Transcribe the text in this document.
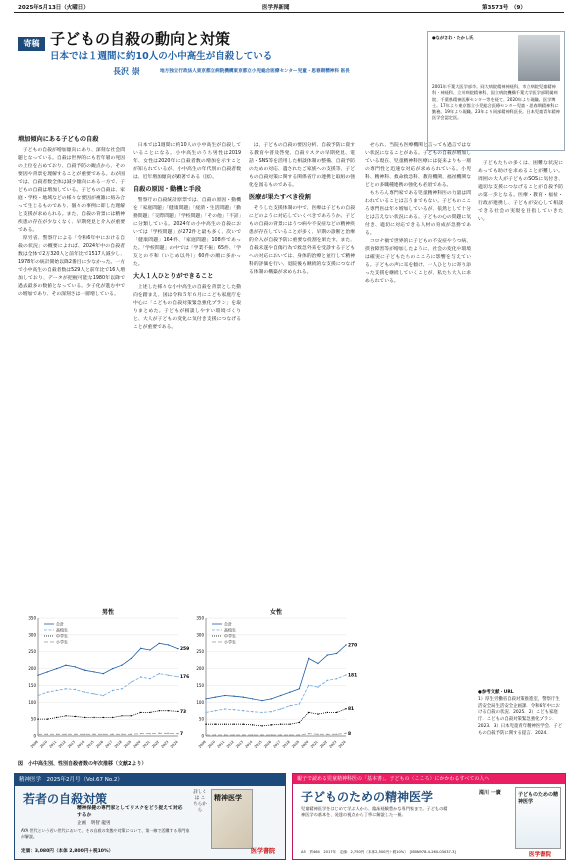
2025年5月13日（火曜日）	医学界新聞	第3573号　（9）
寄稿 子どもの自殺の動向と対策
日本では１週間に約10人の小中高生が自殺している
長沢 崇	地方独立行政法人東京都立病院機構東京都立小児総合医療センター児童・思春期精神科 医長
●ながさわ・たかし氏
2001年千葉大医学部卒。同大病院精神神経科、市立病院児童精神科・神経科、立川病院精神科、国立病院機構千葉大学医学部附属病院、千葉県精神医療センター等を経て、2020年より現職。医学博士。17年より東京都立小児総合医療センター児童・思春期精神科に勤務。19年より現職。23年より同部精神科医長。日本児童青年精神医学会認定医。
増加傾向にある子どもの自殺

子どもの自殺が増加傾向にあり、深刻な社会問題となっている。自殺は世界的にも若年層の死因の上位を占めており、自殺予防の観点から、その要因や背景を理解することが重要である。わが国では、自殺者数全体は減少傾向にある一方で、子どもの自殺は増加している。子どもの自殺は、家庭・学校・地域などの様々な要因が複雑に絡み合って生じるものであり、個々の事例に即した理解と支援が求められる。また、自殺の背景には精神疾患の存在が少なくなく、早期発見と介入が重要である。

厚労省、警察庁による「令和6年中における自殺の状況」の概要によれば、2024年中の自殺者数は全体で2万320人と前年比で1517人減少し、1978年の統計開始以降2番目に少なかった。一方で小中高生の自殺者数は529人と前年比で16人増加しており、データが把握可能な1980年以降で過去最多の数値となっている。少子化が進む中での増加であり、その深刻さは一層増している。

日本では1週間に約10人の小中高生が自殺していることになる。小中高生のうち男性は2019年、女性は2020年に自殺者数の増加を示すことが知られているが、小中高生の年代別の自殺者数は、近年増加傾向が顕著である（図）。

自殺の原因・動機と手段

警察庁の自殺統計原票では、自殺の原因・動機を「家庭問題」「健康問題」「経済・生活問題」「勤務問題」「交際問題」「学校問題」「その他」「不詳」に分類している。2024年の小中高生の自殺においては「学校問題」が272件と最も多く、次いで「健康問題」164件、「家庭問題」108件であった。「学校問題」の中では「学業不振」65件、「学友との不和（いじめ以外）」60件の順に多かった。

大人１人ひとりができること

上述した様々な小中高生の自殺を背景とした動向を踏まえ、国は令和５年６月にこども家庭庁を中心に「こどもの自殺対策緊急強化プラン」を取りまとめた。子どもが相談しやすい環境づくりと、大人が子どもの変化に気付き支援につなげることが重要である。

は、子どもの自殺の要因分析、自殺予防に資する教育や普及啓発、自殺リスクの早期発見、電話・SNS等を活用した相談体制の整備、自殺予防のための対応、遺されたご家族への支援等、子どもの自殺対策に関する関係省庁の連携と取組の強化を図るものである。

医療が果たすべき役割

そうした支援体制の中で、医療は子どもの自殺にどのように対応していくべきであろうか。子どもの自殺の背景にはうつ病や不安症などの精神疾患が存在していることが多く、早期の診断と治療的介入が自殺予防に重要な役割を果たす。また、自殺未遂や自傷行為で救急外来を受診する子どもへの対応においては、身体的治療と並行して精神科的評価を行い、退院後も継続的な支援につなげる体制の構築が求められる。

せられ、当院も医療機関と言っても過言ではない状況になることがある。子どもの自殺が増加している現在、児童精神科医療には従来よりも一層の専門性と迅速な対応が求められている。小児科、精神科、救命救急科、教育機関、福祉機関などとの多職種連携の強化も必須である。

もちろん専門家である児童精神科医の力量は問われていることは言うまでもない。子どものこころ専門医は年々増加しているが、依然として十分とは言えない状況にある。子どもの心の問題に気付き、適切に対応できる人材の育成が急務である。

コロナ禍で世界的に子どもの不安症やうつ病、摂食障害等が増加したように、社会の変化や環境は確実に子どもたちのこころに影響を与えている。子どもの声に耳を傾け、一人ひとりに寄り添った支援を継続していくことが、私たち大人に求められている。

子どもたちの多くは、困難な状況にあっても助けを求めることが難しい。周囲の大人が子どものSOSに気付き、適切な支援につなげることが自殺予防の第一歩となる。医療・教育・福祉・行政が連携し、子どもが安心して相談できる社会の実現を目指していきたい。

●参考文献・URL
1）厚生労働省自殺対策推進室，警察庁生活安全局生活安全企画課．令和6年中における自殺の状況．2025．2）こども家庭庁．こどもの自殺対策緊急強化プラン．2023．3）日本児童青年精神医学会．子どもの自殺予防に関する提言．2024．
男性
0
50
100
150
200
250
300
350
2009 2010 2011 2012 2013 2014 2015 2016 2017 2018 2019 2020 2021 2022 2023 2024
259
合計
176
高校生
73
中学生
7
小学生
女性
0
50
100
150
200
250
300
350
2009 2010 2011 2012 2013 2014 2015 2016 2017 2018 2019 2020 2021 2022 2023 2024
270
合計
181
高校生
81
中学生
8
小学生
図　小中高生別、性別自殺者数の年次推移（文献2より）
精神医学　2025年2月号（Vol.67 No.2）
若者の自殺対策
精神保健の専門家としてリスクをどう捉えて対応するか
企画　明智 龍男
AYA 世代という若い世代において、その自殺の実態や対策について、第一線で活躍する専門家が解説。
定価：3,080円（本体 2,800円＋税10%）
詳しくは こちらから
精神医学
医学書院
親子で読める児童精神科医の「基本書」。子どもの〈こころ〉にかかわるすべての人へ
子どものための精神医学	滝川 一廣
児童精神医学をはじめて学ぶ人から、臨床経験豊かな専門家まで。子どもの精神医学の基本を、発達の視点から丁寧に解説した一冊。
A5　頁464　2017年　定価：2,750円（本体2,500円＋税10%）　[ISBN978-4-260-03037-3]
子どものための精神医学
医学書院
